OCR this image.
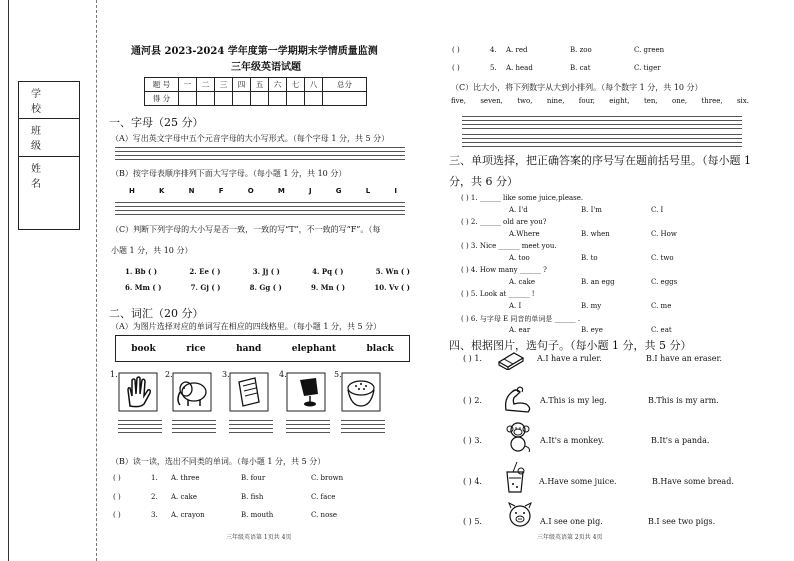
学 校
班 级
姓 名
通河县 2023-2024 学年度第一学期期末学情质量监测
三年级英语试题
题 号	一	二	三	四	五	六	七	八	总分
得 分									
一、字母（25 分）
（A）写出英文字母中五个元音字母的大小写形式。（每个字母 1 分，共 5 分）
（B）按字母表顺序排列下面大写字母。（每小题 1 分，共 10 分）
H	K	N	F	O	M	J	G	L	I
（C）判断下列字母的大小写是否一致，一致的写“T”，不一致的写“F”。（每
小题 1 分，共 10 分）
1. Bb ( )	2. Ee ( )	3. Jj ( )	4. Pq ( )	5. Wn ( )
6. Mm ( )	7. Gj ( )	8. Gg ( )	9. Mn ( )	10. Vv ( )
二、词汇（20 分）
（A）为图片选择对应的单词写在相应的四线格里。（每小题 1 分，共 5 分）
book	rice	hand	elephant	black
1.	2.	3.	4.	5.
（B）读一读，选出不同类的单词。（每小题 1 分，共 5 分）
( )	1. A. three	B. four	C. brown
( )	2. A. cake	B. fish	C. face
( )	3. A. crayon	B. mouth	C. nose
三年级英语第 1页共 4页
( )	4. A. red	B. zoo	C. green
( )	5. A. head	B. cat	C. tiger
（C）比大小，将下列数字从大到小排列。（每个数字 1 分，共 10 分）
five, seven, two, nine, four, eight, ten, one, three, six.
三、单项选择，把正确答案的序号写在题前括号里。（每小题 1
分，共 6 分）
( ) 1. ______ like some juice,please.
A. I'd	B. I'm	C. I
( ) 2. ______ old are you?
A.Where	B. when	C. How
( ) 3. Nice ______ meet you.
A. too	B. to	C. two
( ) 4. How many ______ ?
A. cake	B. an egg	C. eggs
( ) 5. Look at ______ !
A. I	B. my	C. me
( ) 6. 与字母 E 同音的单词是 ______ .
A. ear	B. eye	C. eat
四、根据图片，选句子。（每小题 1 分，共 5 分）
( ) 1.	A.I have a ruler.	B.I have an eraser.
( ) 2.	A.This is my leg.	B.This is my arm.
( ) 3.	A.It's a monkey.	B.It's a panda.
( ) 4.	A.Have some juice.	B.Have some bread.
( ) 5.	A.I see one pig.	B.I see two pigs.
三年级英语第 2页共 4页
